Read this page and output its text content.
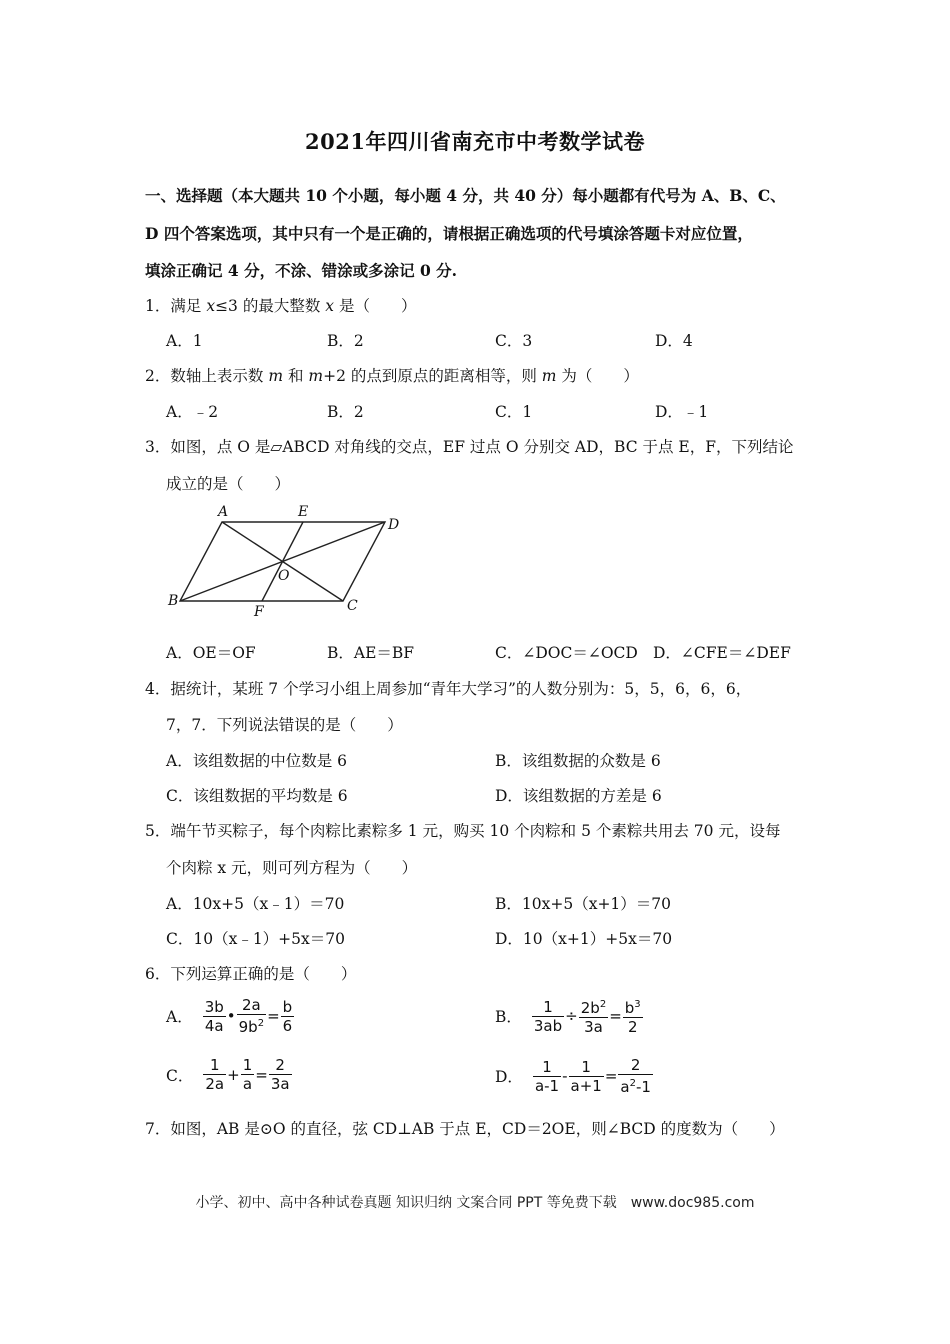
2021年四川省南充市中考数学试卷
一、选择题（本大题共 10 个小题，每小题 4 分，共 40 分）每小题都有代号为 A、B、C、
D 四个答案选项，其中只有一个是正确的，请根据正确选项的代号填涂答题卡对应位置，
填涂正确记 4 分，不涂、错涂或多涂记 0 分.
1．满足 x≤3 的最大整数 x 是（　　）
A．1	B．2	C．3	D．4
2．数轴上表示数 m 和 m+2 的点到原点的距离相等，则 m 为（　　）
A．﹣2	B．2	C．1	D．﹣1
3．如图，点 O 是▱ABCD 对角线的交点，EF 过点 O 分别交 AD，BC 于点 E，F，下列结论
成立的是（　　）
A	E
D
O
B
F	C
A．OE＝OF	B．AE＝BF	C．∠DOC＝∠OCD D．∠CFE＝∠DEF
4．据统计，某班 7 个学习小组上周参加“青年大学习”的人数分别为：5，5，6，6，6，
7，7．下列说法错误的是（　　）
A．该组数据的中位数是 6	B．该组数据的众数是 6
C．该组数据的平均数是 6	D．该组数据的方差是 6
5．端午节买粽子，每个肉粽比素粽多 1 元，购买 10 个肉粽和 5 个素粽共用去 70 元，设每
个肉粽 x 元，则可列方程为（　　）
A．10x+5（x﹣1）＝70	B．10x+5（x+1）＝70
C．10（x﹣1）+5x＝70	D．10（x+1）+5x＝70
6．下列运算正确的是（　　）
A． $\frac{3b}{4a}$ • $\frac{2a}{9b^2} = \frac{b}{6}$	B． $\frac{1}{3ab} \div \frac{2b^2}{3a} = \frac{b^3}{2}$
C． $\frac{1}{2a} + \frac{1}{a} = \frac{2}{3a}$	D． $\frac{1}{a-1} - \frac{1}{a+1} = \frac{2}{a^2-1}$
7．如图，AB 是⊙O 的直径，弦 CD⊥AB 于点 E，CD＝2OE，则∠BCD 的度数为（　　）
小学、初中、高中各种试卷真题 知识归纳 文案合同 PPT 等免费下载　www.doc985.com
